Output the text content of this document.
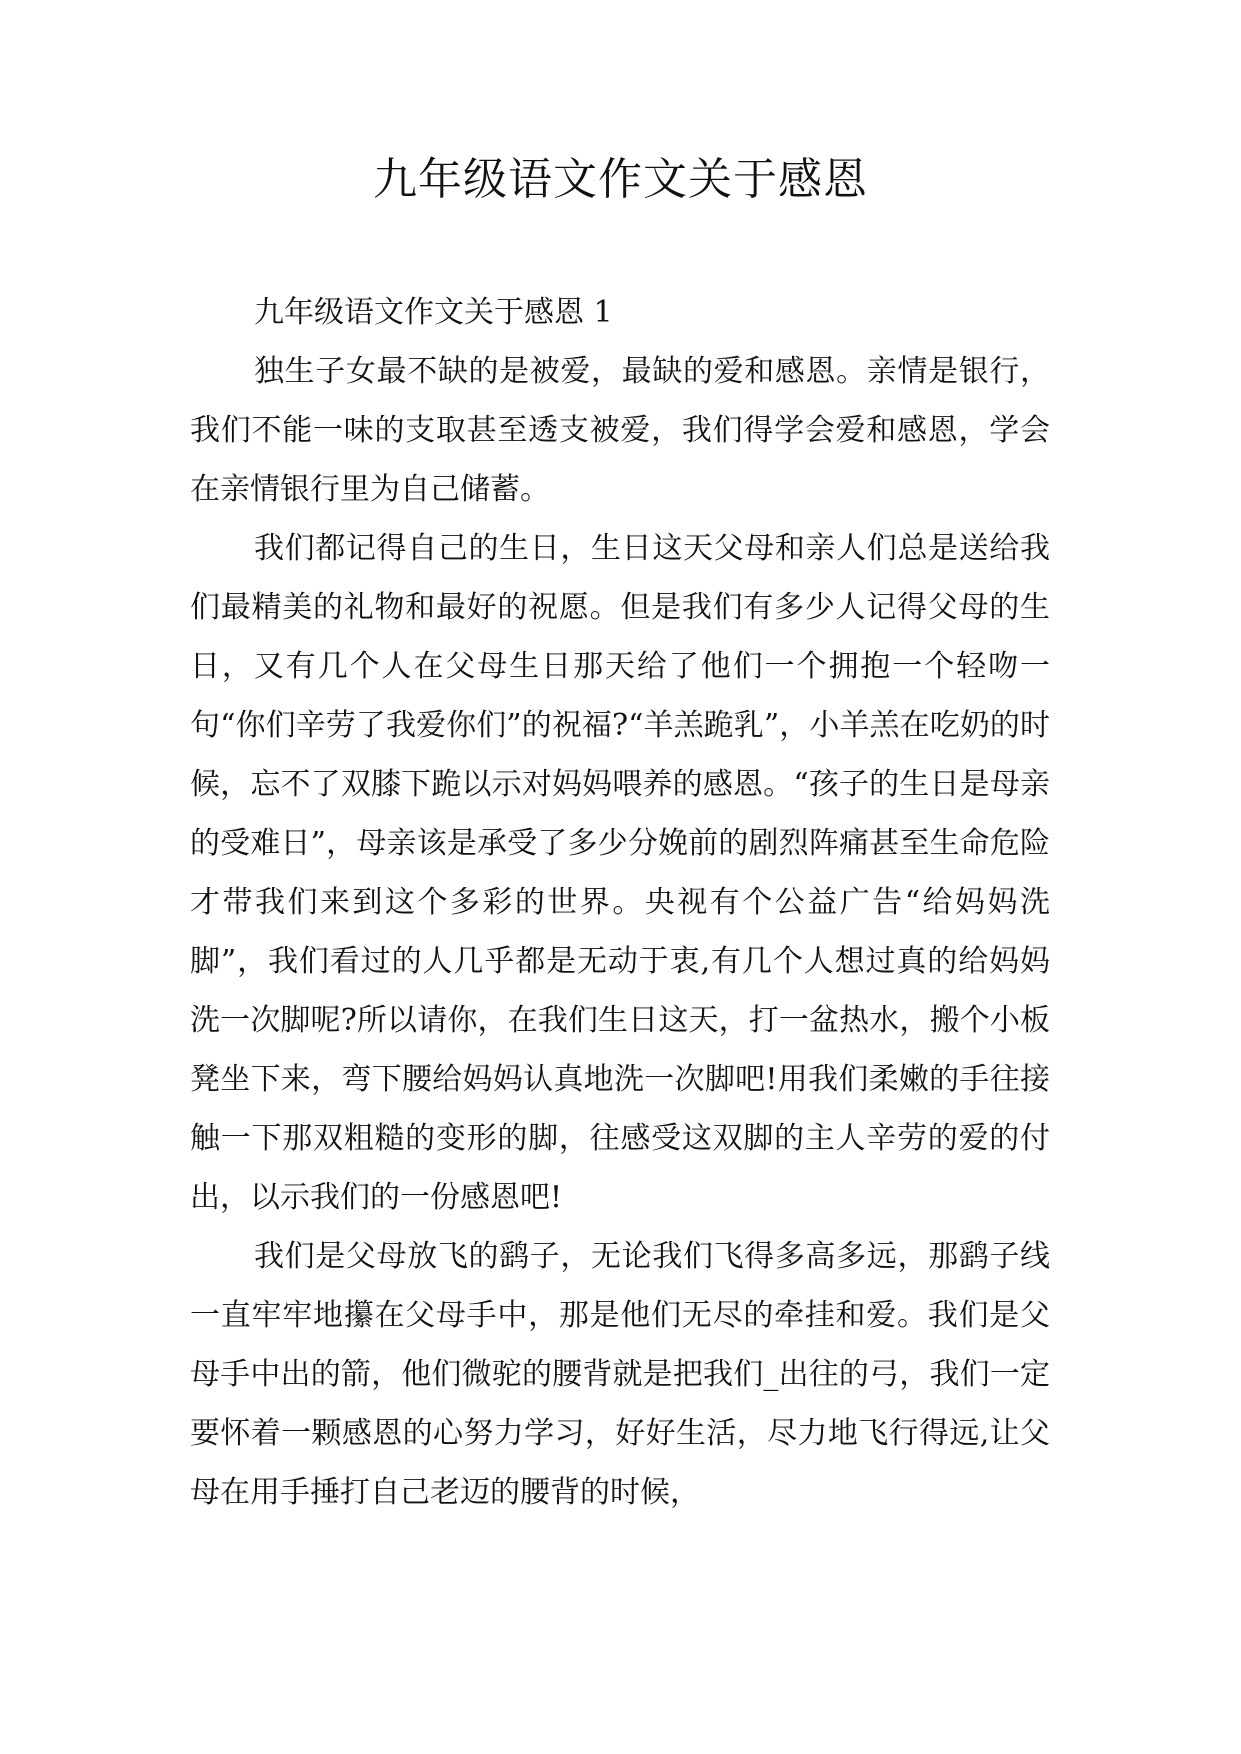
九年级语文作文关于感恩
九年级语文作文关于感恩 1

独生子女最不缺的是被爱，最缺的爱和感恩。亲情是银行，我们不能一味的支取甚至透支被爱，我们得学会爱和感恩，学会在亲情银行里为自己储蓄。

我们都记得自己的生日，生日这天父母和亲人们总是送给我们最精美的礼物和最好的祝愿。但是我们有多少人记得父母的生日，又有几个人在父母生日那天给了他们一个拥抱一个轻吻一句“你们辛劳了我爱你们”的祝福?“羊羔跪乳”，小羊羔在吃奶的时候，忘不了双膝下跪以示对妈妈喂养的感恩。“孩子的生日是母亲的受难日”，母亲该是承受了多少分娩前的剧烈阵痛甚至生命危险才带我们来到这个多彩的世界。央视有个公益广告“给妈妈洗脚”，我们看过的人几乎都是无动于衷,有几个人想过真的给妈妈洗一次脚呢?所以请你，在我们生日这天，打一盆热水，搬个小板凳坐下来，弯下腰给妈妈认真地洗一次脚吧!用我们柔嫩的手往接触一下那双粗糙的变形的脚，往感受这双脚的主人辛劳的爱的付出，以示我们的一份感恩吧!

我们是父母放飞的鹞子，无论我们飞得多高多远，那鹞子线一直牢牢地攥在父母手中，那是他们无尽的牵挂和爱。我们是父母手中出的箭，他们微驼的腰背就是把我们_出往的弓，我们一定要怀着一颗感恩的心努力学习，好好生活，尽力地飞行得远,让父母在用手捶打自己老迈的腰背的时候，
